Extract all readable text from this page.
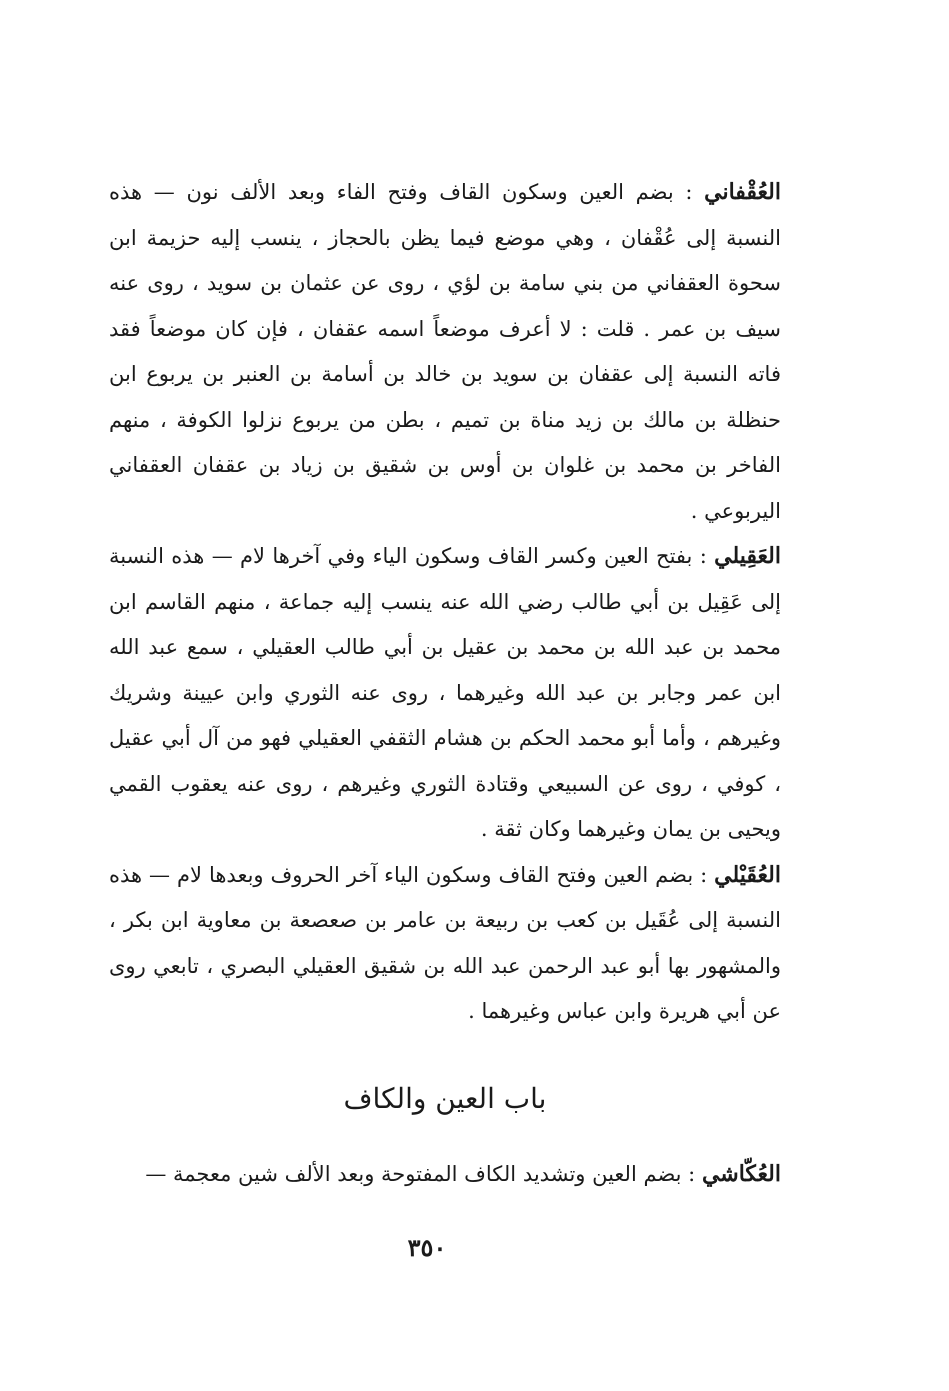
العُقْفاني : بضم العين وسكون القاف وفتح الفاء وبعد الألف نون — هذه النسبة إلى عُقْفان ، وهي موضع فيما يظن بالحجاز ، ينسب إليه حزيمة ابن سحوة العقفاني من بني سامة بن لؤي ، روى عن عثمان بن سويد ، روى عنه سيف بن عمر . قلت : لا أعرف موضعاً اسمه عقفان ، فإن كان موضعاً فقد فاته النسبة إلى عقفان بن سويد بن خالد بن أسامة بن العنبر بن يربوع ابن حنظلة بن مالك بن زيد مناة بن تميم ، بطن من يربوع نزلوا الكوفة ، منهم الفاخر بن محمد بن غلوان بن أوس بن شقيق بن زياد بن عقفان العقفاني اليربوعي .

العَقِيلي : بفتح العين وكسر القاف وسكون الياء وفي آخرها لام — هذه النسبة إلى عَقِيل بن أبي طالب رضي الله عنه ينسب إليه جماعة ، منهم القاسم ابن محمد بن عبد الله بن محمد بن عقيل بن أبي طالب العقيلي ، سمع عبد الله ابن عمر وجابر بن عبد الله وغيرهما ، روى عنه الثوري وابن عيينة وشريك وغيرهم ، وأما أبو محمد الحكم بن هشام الثقفي العقيلي فهو من آل أبي عقيل ، كوفي ، روى عن السبيعي وقتادة الثوري وغيرهم ، روى عنه يعقوب القمي ويحيى بن يمان وغيرهما وكان ثقة .

العُقَيْلي : بضم العين وفتح القاف وسكون الياء آخر الحروف وبعدها لام — هذه النسبة إلى عُقَيل بن كعب بن ربيعة بن عامر بن صعصعة بن معاوية ابن بكر ، والمشهور بها أبو عبد الرحمن عبد الله بن شقيق العقيلي البصري ، تابعي روى عن أبي هريرة وابن عباس وغيرهما .

باب العين والكاف

العُكّاشي : بضم العين وتشديد الكاف المفتوحة وبعد الألف شين معجمة —

٣٥٠
